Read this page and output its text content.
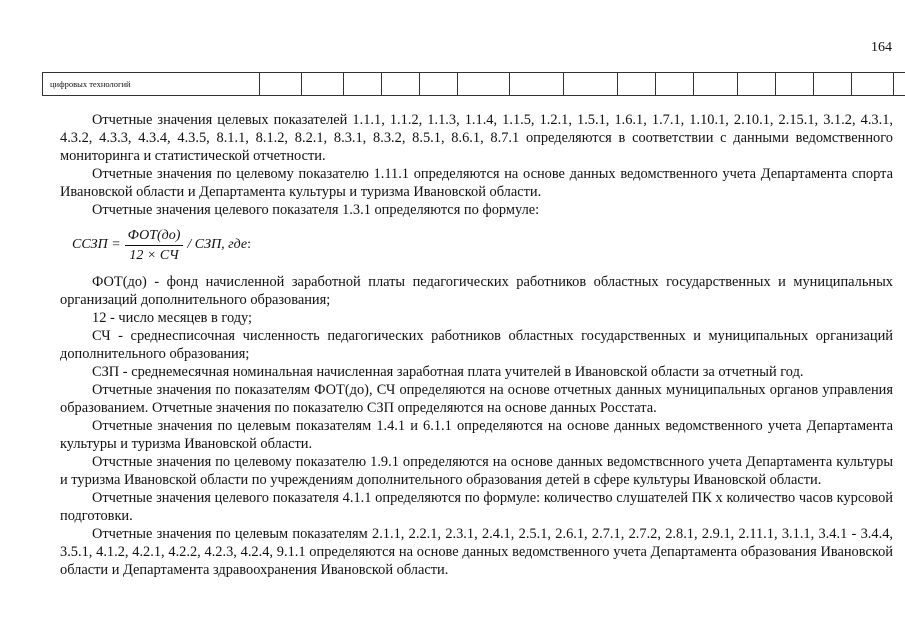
164
цифровых технологий																

Отчетные значения целевых показателей 1.1.1, 1.1.2, 1.1.3, 1.1.4, 1.1.5, 1.2.1, 1.5.1, 1.6.1, 1.7.1, 1.10.1, 2.10.1, 2.15.1, 3.1.2, 4.3.1, 4.3.2, 4.3.3, 4.3.4, 4.3.5, 8.1.1, 8.1.2, 8.2.1, 8.3.1, 8.3.2, 8.5.1, 8.6.1, 8.7.1 определяются в соответствии с данными ведомственного мониторинга и статистической отчетности.

Отчетные значения по целевому показателю 1.11.1 определяются на основе данных ведомственного учета Департамента спорта Ивановской области и Департамента культуры и туризма Ивановской области.

Отчетные значения целевого показателя 1.3.1 определяются по формуле:

ССЗП = $\frac{\text{ФОТ(до)}}{12 \times СЧ}$ / СЗП, где :

ФОТ(до) - фонд начисленной заработной платы педагогических работников областных государственных и муниципальных организаций дополнительного образования;

12 - число месяцев в году;

СЧ - среднесписочная численность педагогических работников областных государственных и муниципальных организаций дополнительного образования;

СЗП - среднемесячная номинальная начисленная заработная плата учителей в Ивановской области за отчетный год.

Отчетные значения по показателям ФОТ(до), СЧ определяются на основе отчетных данных муниципальных органов управления образованием. Отчетные значения по показателю СЗП определяются на основе данных Росстата.

Отчетные значения по целевым показателям 1.4.1 и 6.1.1 определяются на основе данных ведомственного учета Департамента культуры и туризма Ивановской области.

Отчстные значения по целевому показателю 1.9.1 определяются на основе данных ведомствснного учета Департамента культуры и туризма Ивановской области по учреждениям дополнительного образования детей в сфере культуры Ивановской области.

Отчетные значения целевого показателя 4.1.1 определяются по формуле: количество слушателей ПК х количество часов курсовой подготовки.

Отчетные значения по целевым показателям 2.1.1, 2.2.1, 2.3.1, 2.4.1, 2.5.1, 2.6.1, 2.7.1, 2.7.2, 2.8.1, 2.9.1, 2.11.1, 3.1.1, 3.4.1 - 3.4.4, 3.5.1, 4.1.2, 4.2.1, 4.2.2, 4.2.3, 4.2.4, 9.1.1 определяются на основе данных ведомственного учета Департамента образования Ивановской области и Департамента здравоохранения Ивановской области.
